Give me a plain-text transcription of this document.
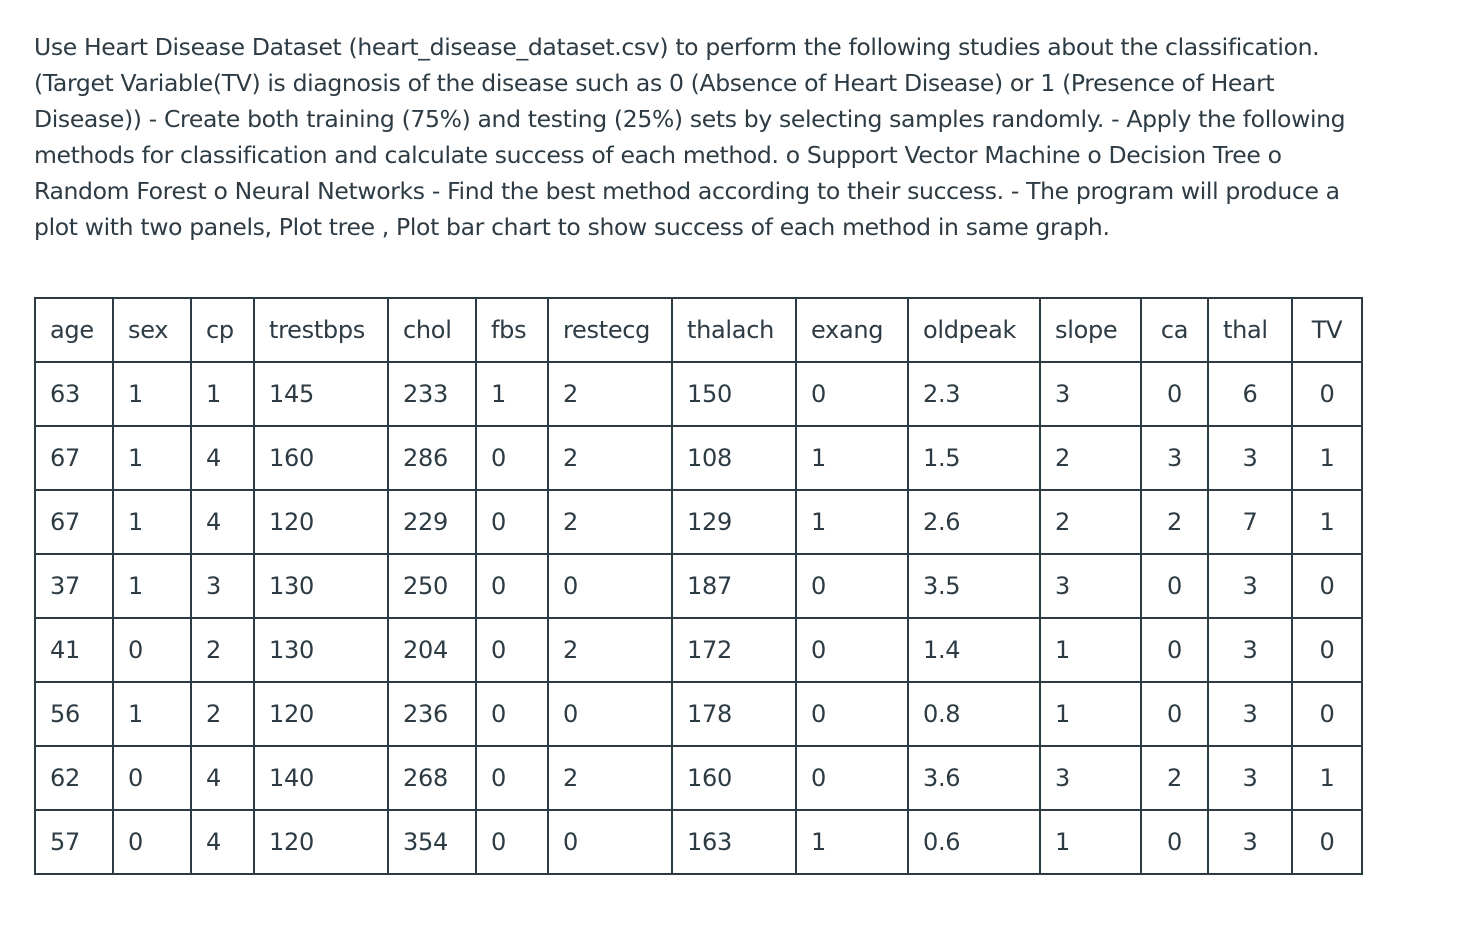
Use Heart Disease Dataset (heart_disease_dataset.csv) to perform the following studies about the classification. (Target Variable(TV) is diagnosis of the disease such as 0 (Absence of Heart Disease) or 1 (Presence of Heart Disease)) - Create both training (75%) and testing (25%) sets by selecting samples randomly. - Apply the following methods for classification and calculate success of each method. o Support Vector Machine o Decision Tree o Random Forest o Neural Networks - Find the best method according to their success. - The program will produce a plot with two panels, Plot tree , Plot bar chart to show success of each method in same graph.

age	sex	cp	trestbps	chol	fbs	restecg	thalach	exang	oldpeak	slope	ca	thal	TV
63	1	1	145	233	1	2	150	0	2.3	3	0	6	0
67	1	4	160	286	0	2	108	1	1.5	2	3	3	1
67	1	4	120	229	0	2	129	1	2.6	2	2	7	1
37	1	3	130	250	0	0	187	0	3.5	3	0	3	0
41	0	2	130	204	0	2	172	0	1.4	1	0	3	0
56	1	2	120	236	0	0	178	0	0.8	1	0	3	0
62	0	4	140	268	0	2	160	0	3.6	3	2	3	1
57	0	4	120	354	0	0	163	1	0.6	1	0	3	0
